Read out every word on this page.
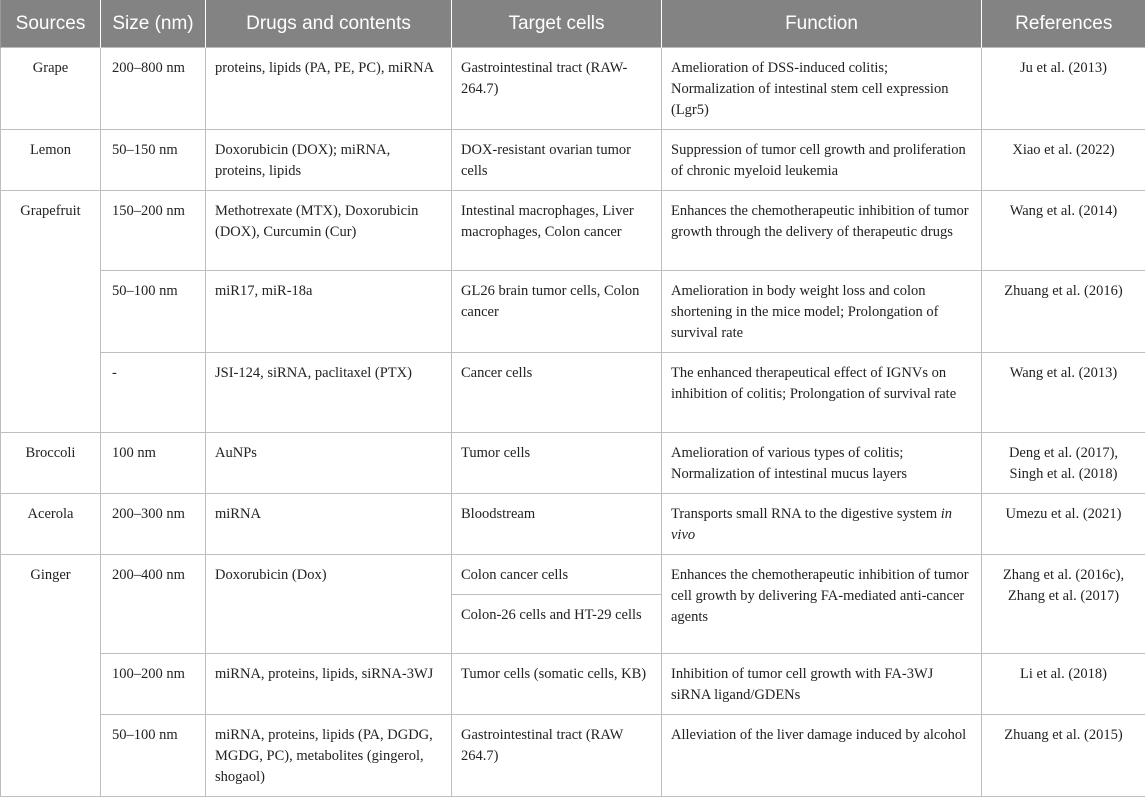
Sources	Size (nm)	Drugs and contents	Target cells	Function	References
Grape	200–800 nm	proteins, lipids (PA, PE, PC), miRNA	Gastrointestinal tract (RAW-264.7)	Amelioration of DSS-induced colitis; Normalization of intestinal stem cell expression (Lgr5)	Ju et al. (2013)
Lemon	50–150 nm	Doxorubicin (DOX); miRNA, proteins, lipids	DOX-resistant ovarian tumor cells	Suppression of tumor cell growth and proliferation of chronic myeloid leukemia	Xiao et al. (2022)
Grapefruit	150–200 nm	Methotrexate (MTX), Doxorubicin (DOX), Curcumin (Cur)	Intestinal macrophages, Liver macrophages, Colon cancer	Enhances the chemotherapeutic inhibition of tumor growth through the delivery of therapeutic drugs	Wang et al. (2014)
	50–100 nm	miR17, miR-18a	GL26 brain tumor cells, Colon cancer	Amelioration in body weight loss and colon shortening in the mice model; Prolongation of survival rate	Zhuang et al. (2016)
	-	JSI-124, siRNA, paclitaxel (PTX)	Cancer cells	The enhanced therapeutical effect of IGNVs on inhibition of colitis; Prolongation of survival rate	Wang et al. (2013)
Broccoli	100 nm	AuNPs	Tumor cells	Amelioration of various types of colitis; Normalization of intestinal mucus layers	Deng et al. (2017), Singh et al. (2018)
Acerola	200–300 nm	miRNA	Bloodstream	Transports small RNA to the digestive system in vivo	Umezu et al. (2021)
Ginger	200–400 nm	Doxorubicin (Dox)	Colon cancer cells	Enhances the chemotherapeutic inhibition of tumor cell growth by delivering FA-mediated anti-cancer agents	Zhang et al. (2016c), Zhang et al. (2017)
			Colon-26 cells and HT-29 cells		
	100–200 nm	miRNA, proteins, lipids, siRNA-3WJ	Tumor cells (somatic cells, KB)	Inhibition of tumor cell growth with FA-3WJ siRNA ligand/GDENs	Li et al. (2018)
	50–100 nm	miRNA, proteins, lipids (PA, DGDG, MGDG, PC), metabolites (gingerol, shogaol)	Gastrointestinal tract (RAW 264.7)	Alleviation of the liver damage induced by alcohol	Zhuang et al. (2015)
